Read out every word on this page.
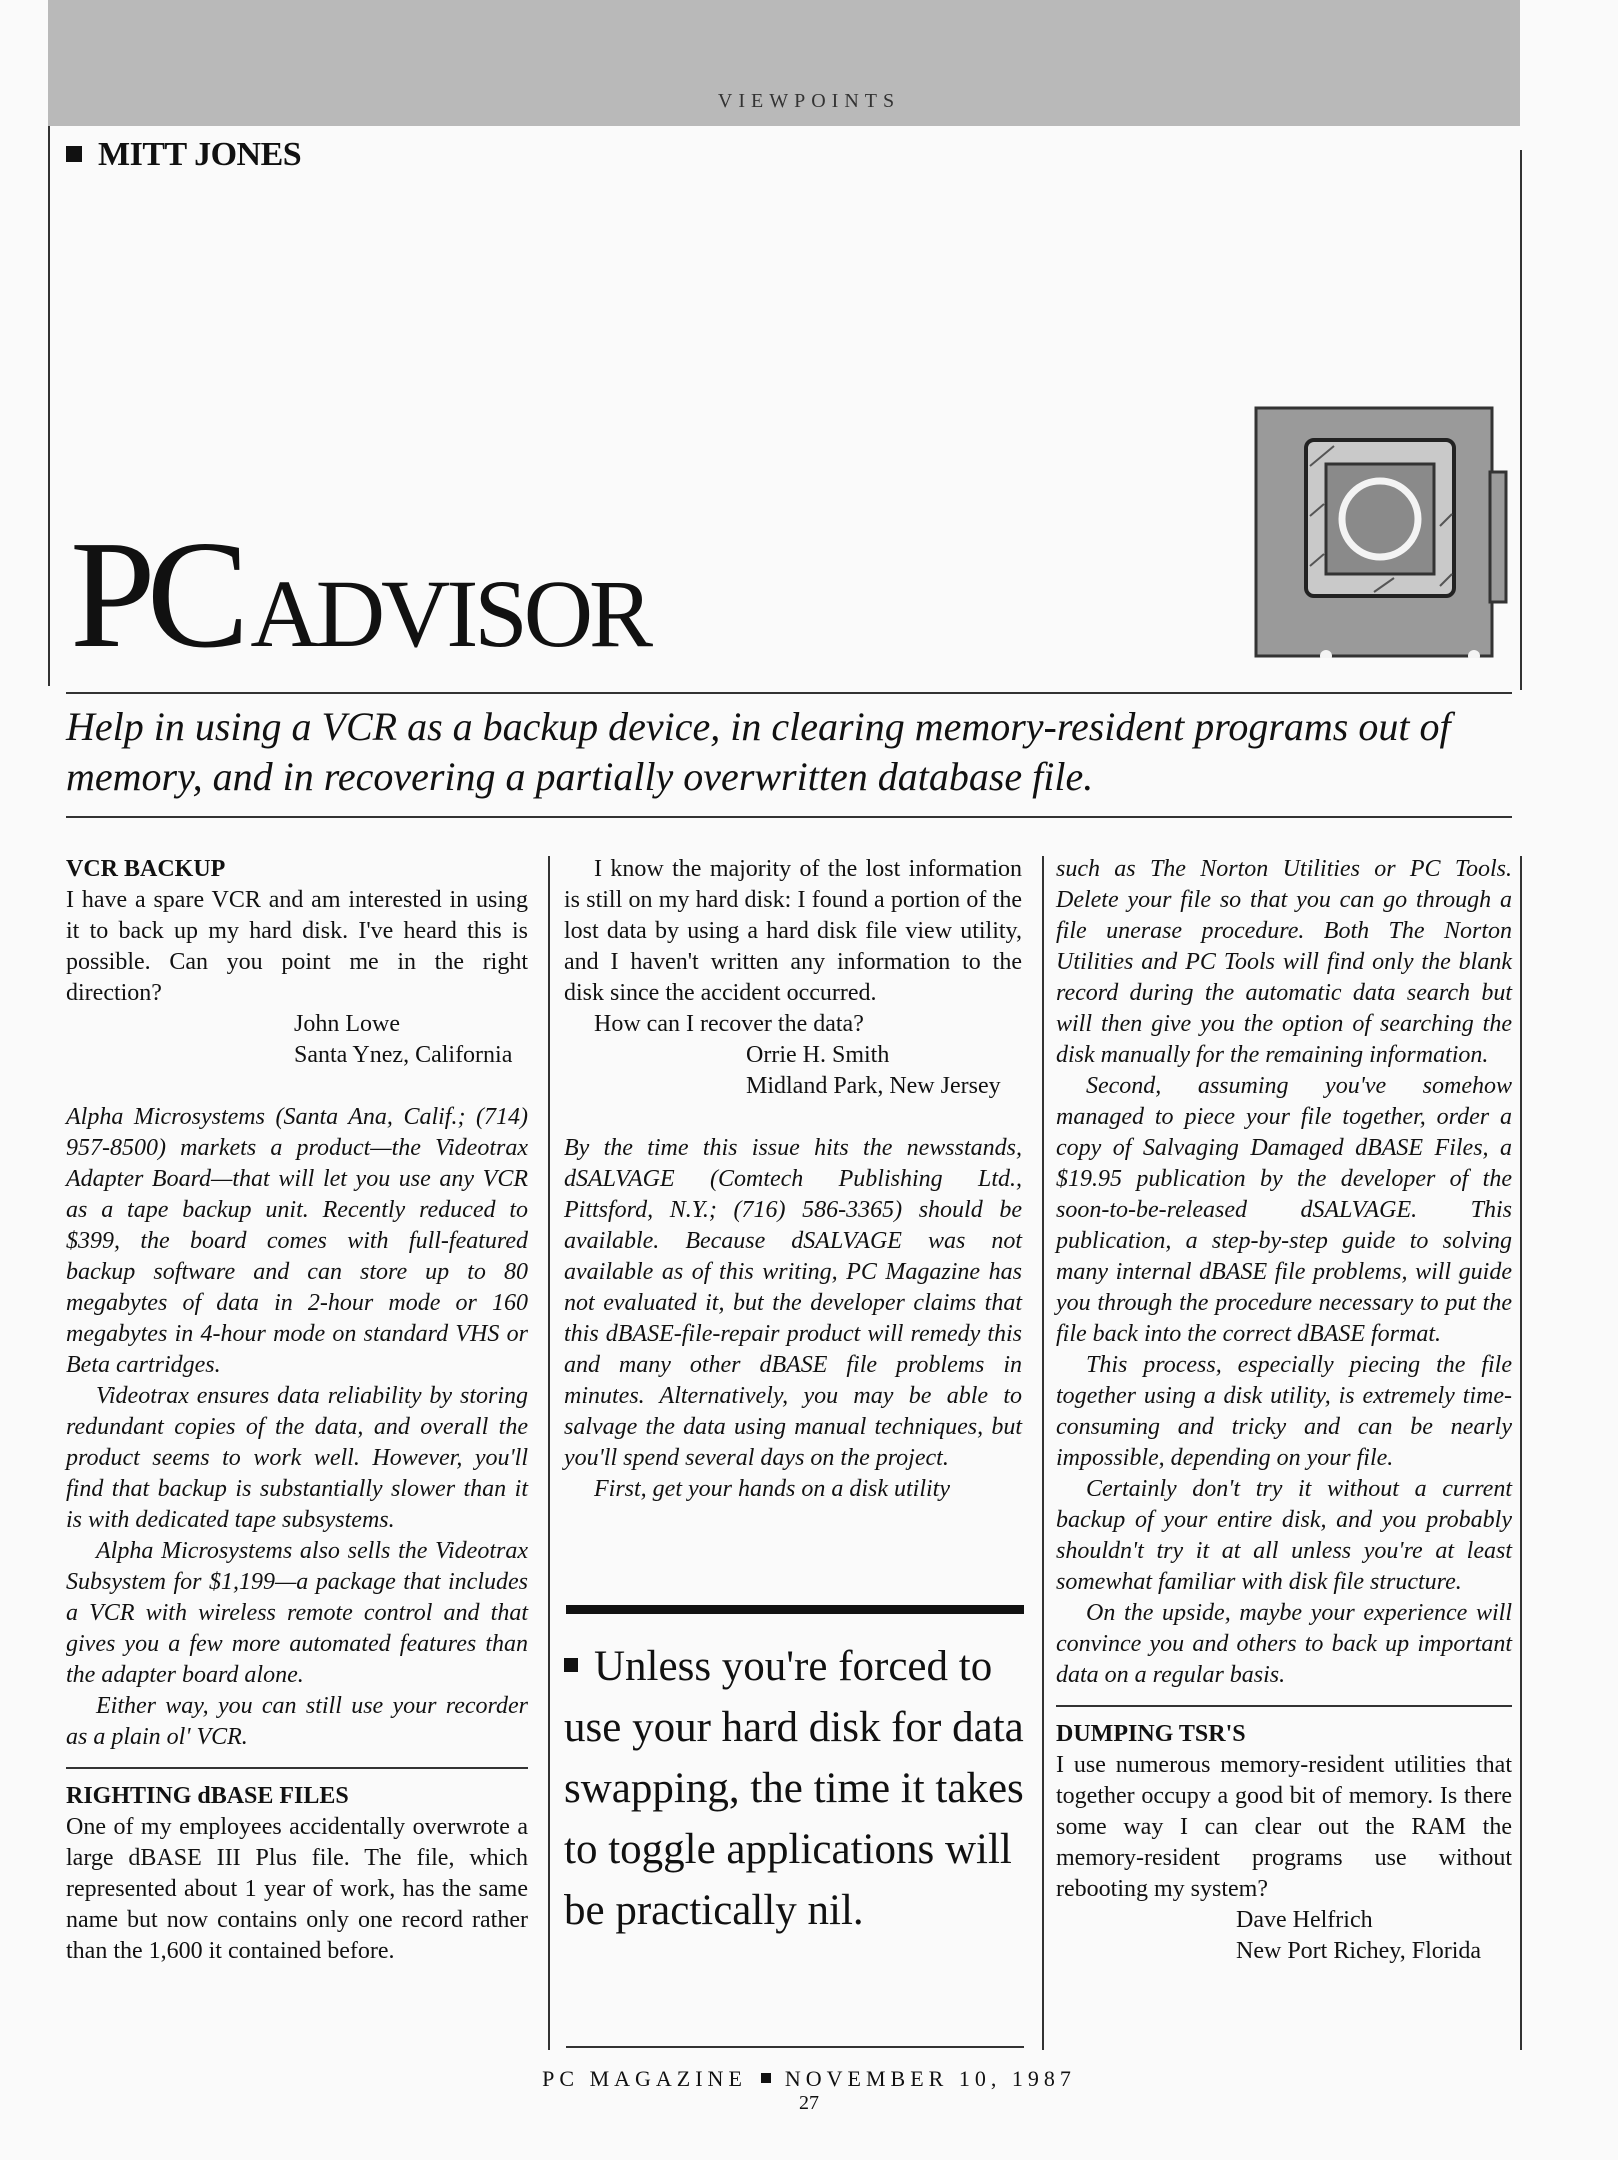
VIEWPOINTS
MITT JONES
PC ADVISOR
Help in using a VCR as a backup device, in clearing memory-resident programs out of memory, and in recovering a partially overwritten database file.

VCR BACKUP

I have a spare VCR and am interested in using it to back up my hard disk. I've heard this is possible. Can you point me in the right direction?

John Lowe

Santa Ynez, California

Alpha Microsystems (Santa Ana, Calif.; (714) 957-8500) markets a product—the Videotrax Adapter Board—that will let you use any VCR as a tape backup unit. Recently reduced to $399, the board comes with full-featured backup software and can store up to 80 megabytes of data in 2-hour mode or 160 megabytes in 4-hour mode on standard VHS or Beta cartridges.

Videotrax ensures data reliability by storing redundant copies of the data, and overall the product seems to work well. However, you'll find that backup is substantially slower than it is with dedicated tape subsystems.

Alpha Microsystems also sells the Videotrax Subsystem for $1,199—a package that includes a VCR with wireless remote control and that gives you a few more automated features than the adapter board alone.

Either way, you can still use your recorder as a plain ol' VCR.

RIGHTING dBASE FILES

One of my employees accidentally overwrote a large dBASE III Plus file. The file, which represented about 1 year of work, has the same name but now contains only one record rather than the 1,600 it contained before.

I know the majority of the lost information is still on my hard disk: I found a portion of the lost data by using a hard disk file view utility, and I haven't written any information to the disk since the accident occurred.

How can I recover the data?

Orrie H. Smith

Midland Park, New Jersey

By the time this issue hits the newsstands, dSALVAGE (Comtech Publishing Ltd., Pittsford, N.Y.; (716) 586-3365) should be available. Because dSALVAGE was not available as of this writing, PC Magazine has not evaluated it, but the developer claims that this dBASE-file-repair product will remedy this and many other dBASE file problems in minutes. Alternatively, you may be able to salvage the data using manual techniques, but you'll spend several days on the project.

First, get your hands on a disk utility

Unless you're forced to use your hard disk for data swapping, the time it takes to toggle applications will be practically nil.

such as The Norton Utilities or PC Tools. Delete your file so that you can go through a file unerase procedure. Both The Norton Utilities and PC Tools will find only the blank record during the automatic data search but will then give you the option of searching the disk manually for the remaining information.

Second, assuming you've somehow managed to piece your file together, order a copy of Salvaging Damaged dBASE Files, a $19.95 publication by the developer of the soon-to-be-released dSALVAGE. This publication, a step-by-step guide to solving many internal dBASE file problems, will guide you through the procedure necessary to put the file back into the correct dBASE format.

This process, especially piecing the file together using a disk utility, is extremely time-consuming and tricky and can be nearly impossible, depending on your file.

Certainly don't try it without a current backup of your entire disk, and you probably shouldn't try it at all unless you're at least somewhat familiar with disk file structure.

On the upside, maybe your experience will convince you and others to back up important data on a regular basis.

DUMPING TSR'S

I use numerous memory-resident utilities that together occupy a good bit of memory. Is there some way I can clear out the RAM the memory-resident programs use without rebooting my system?

Dave Helfrich

New Port Richey, Florida

PC MAGAZINE NOVEMBER 10, 1987
27
